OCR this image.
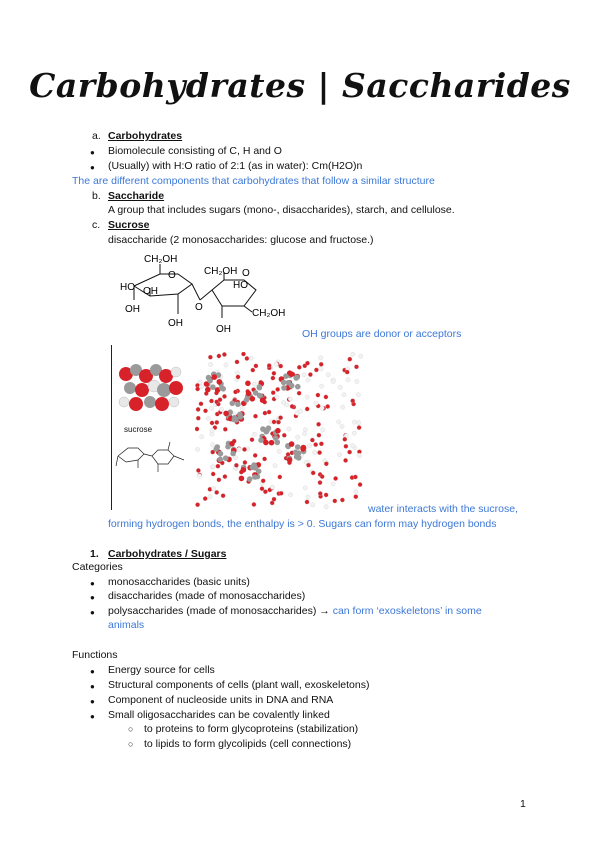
Carbohydrates | Saccharides
a. Carbohydrates
● Biomolecule consisting of C, H and O
● (Usually) with H:O ratio of 2:1 (as in water): Cm(H2O)n
The are different components that carbohydrates that follow a similar structure
b. Saccharide
A group that includes sugars (mono-, disaccharides), starch, and cellulose.
c. Sucrose
disaccharide (2 monosaccharides: glucose and fructose.)
CH₂OH
CH₂OH
O
OH
HO
OH
OH
O
HO
O
OH
CH₂OH
OH groups are donor or acceptors
sucrose
water interacts with the sucrose,
forming hydrogen bonds, the enthalpy is > 0. Sugars can form may hydrogen bonds
1. Carbohydrates / Sugars
Categories
● monosaccharides (basic units)
● disaccharides (made of monosaccharides)
● polysaccharides (made of monosaccharides) → can form ‘exoskeletons’ in some
animals
Functions
● Energy source for cells
● Structural components of cells (plant wall, exoskeletons)
● Component of nucleoside units in DNA and RNA
● Small oligosaccharides can be covalently linked
○ to proteins to form glycoproteins (stabilization)
○ to lipids to form glycolipids (cell connections)
1
